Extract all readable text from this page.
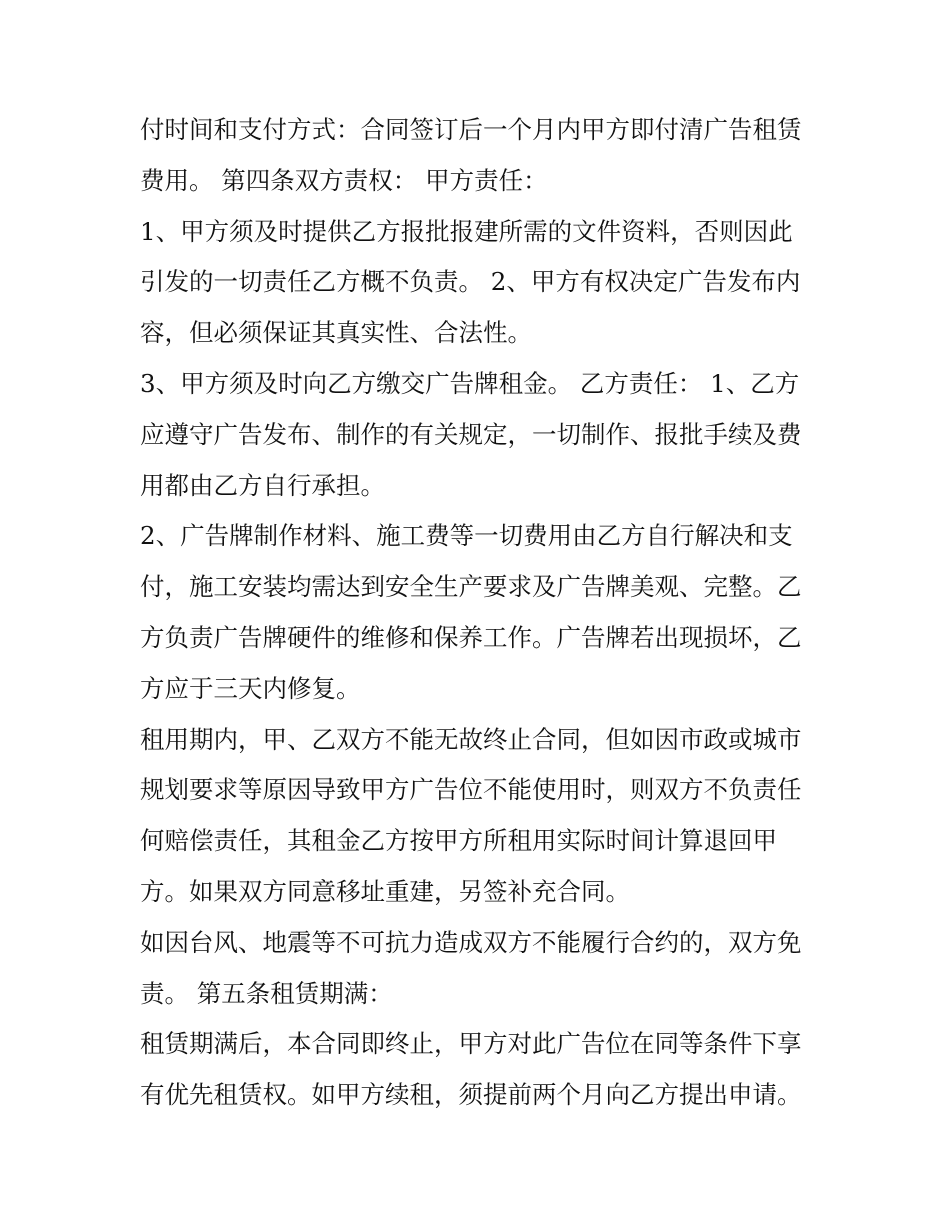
付时间和支付方式：合同签订后一个月内甲方即付清广告租赁
费用。 第四条双方责权： 甲方责任：
1、甲方须及时提供乙方报批报建所需的文件资料，否则因此
引发的一切责任乙方概不负责。 2、甲方有权决定广告发布内
容，但必须保证其真实性、合法性。
3、甲方须及时向乙方缴交广告牌租金。 乙方责任： 1、乙方
应遵守广告发布、制作的有关规定，一切制作、报批手续及费
用都由乙方自行承担。
2、广告牌制作材料、施工费等一切费用由乙方自行解决和支
付，施工安装均需达到安全生产要求及广告牌美观、完整。乙
方负责广告牌硬件的维修和保养工作。广告牌若出现损坏，乙
方应于三天内修复。
租用期内，甲、乙双方不能无故终止合同，但如因市政或城市
规划要求等原因导致甲方广告位不能使用时，则双方不负责任
何赔偿责任，其租金乙方按甲方所租用实际时间计算退回甲
方。如果双方同意移址重建，另签补充合同。
如因台风、地震等不可抗力造成双方不能履行合约的，双方免
责。 第五条租赁期满：
租赁期满后，本合同即终止，甲方对此广告位在同等条件下享
有优先租赁权。如甲方续租，须提前两个月向乙方提出申请。
